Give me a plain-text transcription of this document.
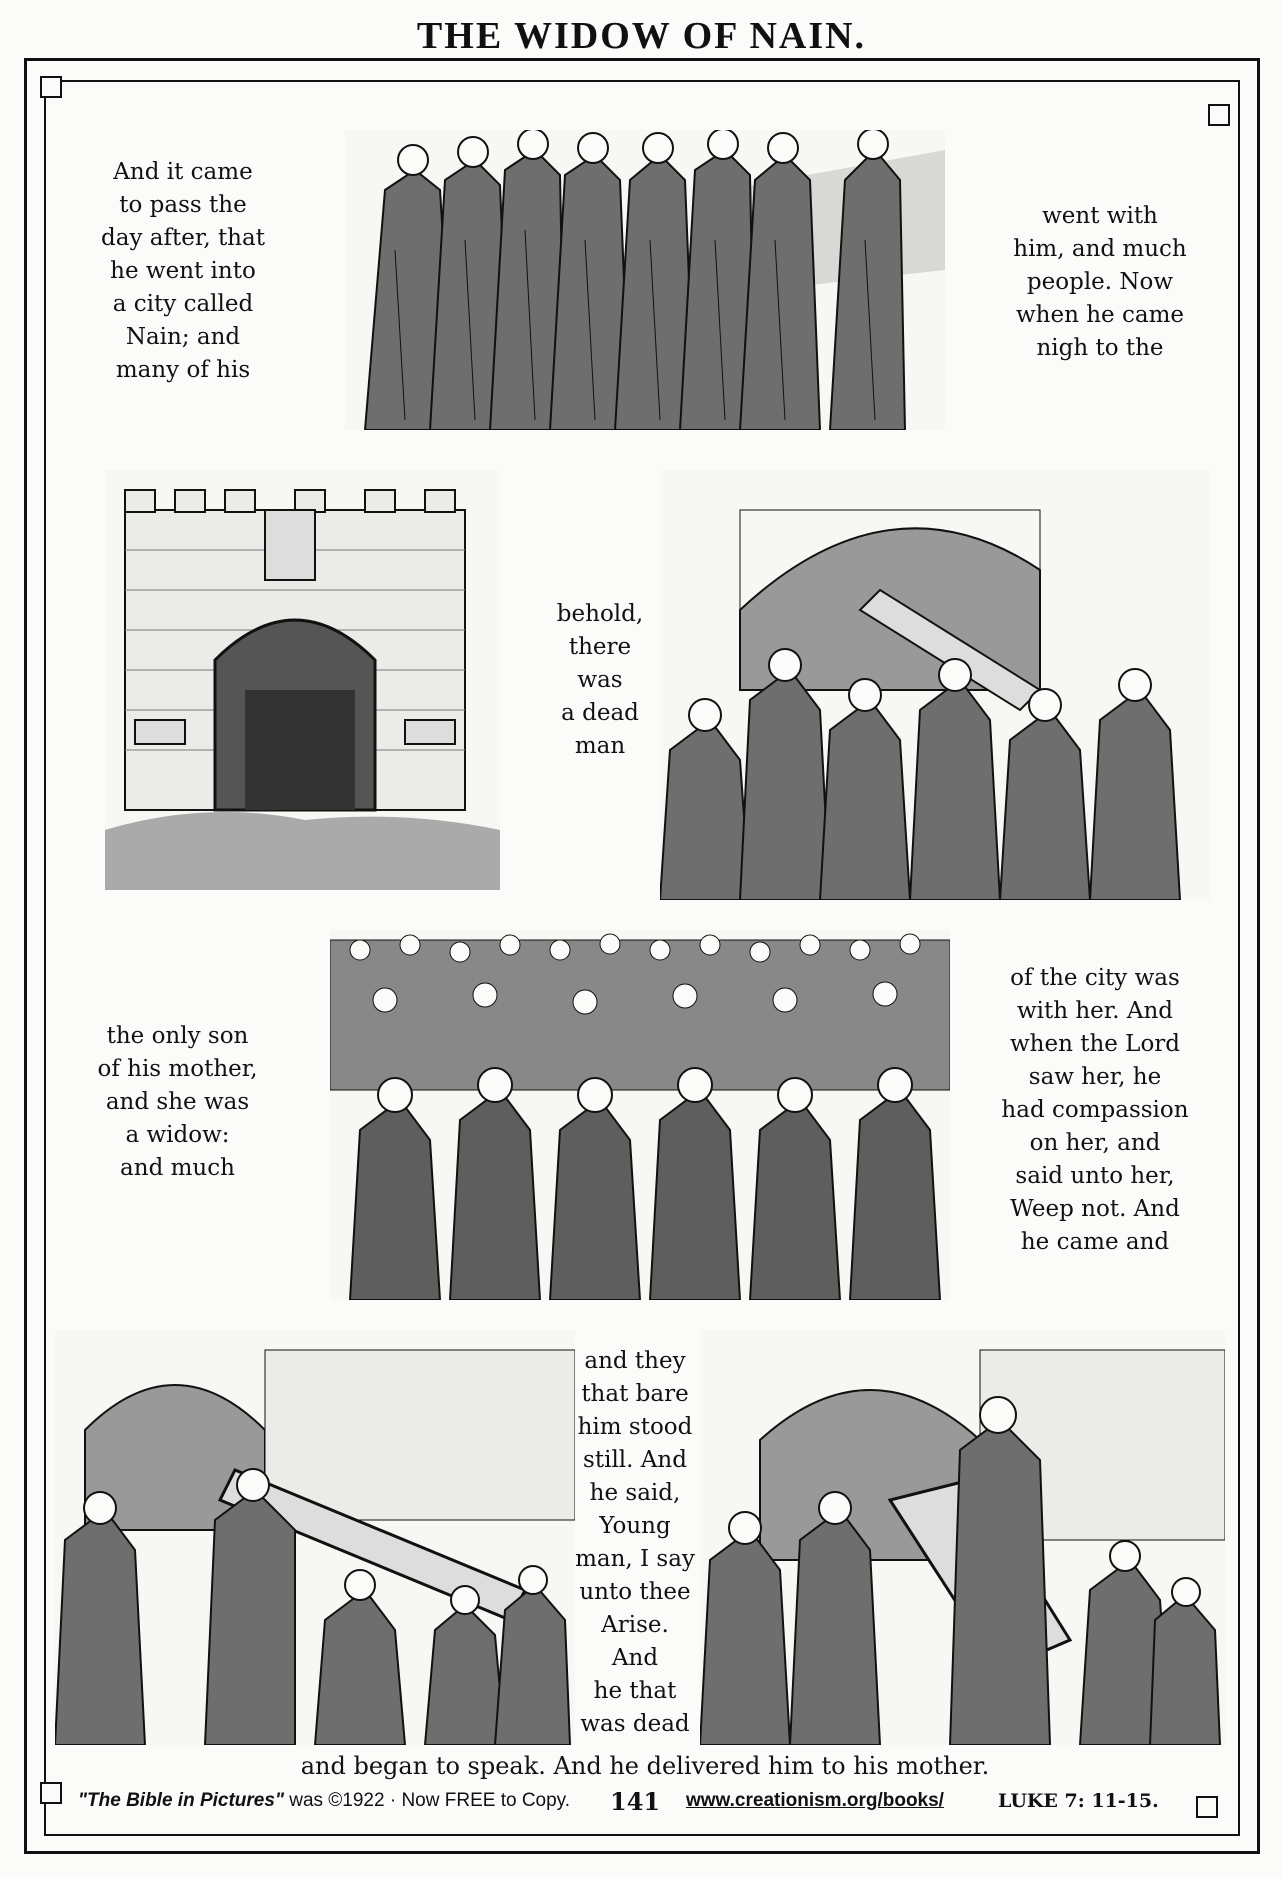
THE WIDOW OF NAIN.
And it came
to pass the
day after, that
he went into
a city called
Nain; and
many of his
went with
him, and much
people. Now
when he came
nigh to the
behold,
there
was
a dead
man
the only son
of his mother,
and she was
a widow:
and much
of the city was
with her. And
when the Lord
saw her, he
had compassion
on her, and
said unto her,
Weep not. And
he came and
and they
that bare
him stood
still. And
he said,
Young
man, I say
unto thee
Arise.
And
he that
was dead
and began to speak. And he delivered him to his mother.
"The Bible in Pictures" was ©1922 · Now FREE to Copy. 141 www.creationism.org/books/	LUKE 7: 11-15.
